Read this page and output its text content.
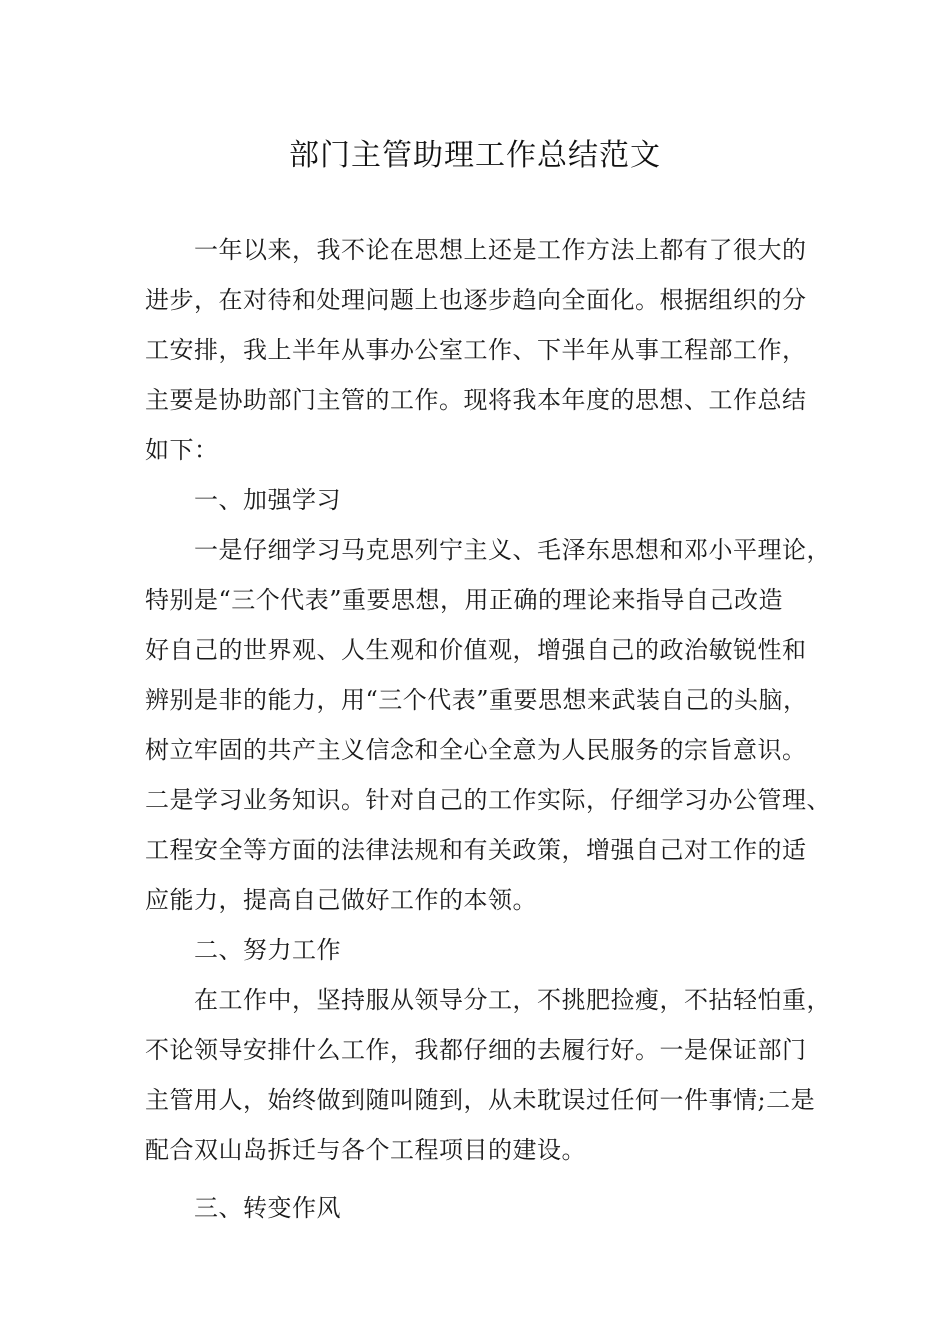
部门主管助理工作总结范文
一年以来，我不论在思想上还是工作方法上都有了很大的
进步，在对待和处理问题上也逐步趋向全面化。根据组织的分
工安排，我上半年从事办公室工作、下半年从事工程部工作，
主要是协助部门主管的工作。现将我本年度的思想、工作总结
如下：
一、加强学习
一是仔细学习马克思列宁主义、毛泽东思想和邓小平理论，
特别是“三个代表”重要思想，用正确的理论来指导自己改造
好自己的世界观、人生观和价值观，增强自己的政治敏锐性和
辨别是非的能力，用“三个代表”重要思想来武装自己的头脑，
树立牢固的共产主义信念和全心全意为人民服务的宗旨意识。
二是学习业务知识。针对自己的工作实际，仔细学习办公管理、
工程安全等方面的法律法规和有关政策，增强自己对工作的适
应能力，提高自己做好工作的本领。
二、努力工作
在工作中，坚持服从领导分工，不挑肥捡瘦，不拈轻怕重，
不论领导安排什么工作，我都仔细的去履行好。一是保证部门
主管用人，始终做到随叫随到，从未耽误过任何一件事情;二是
配合双山岛拆迁与各个工程项目的建设。
三、转变作风
